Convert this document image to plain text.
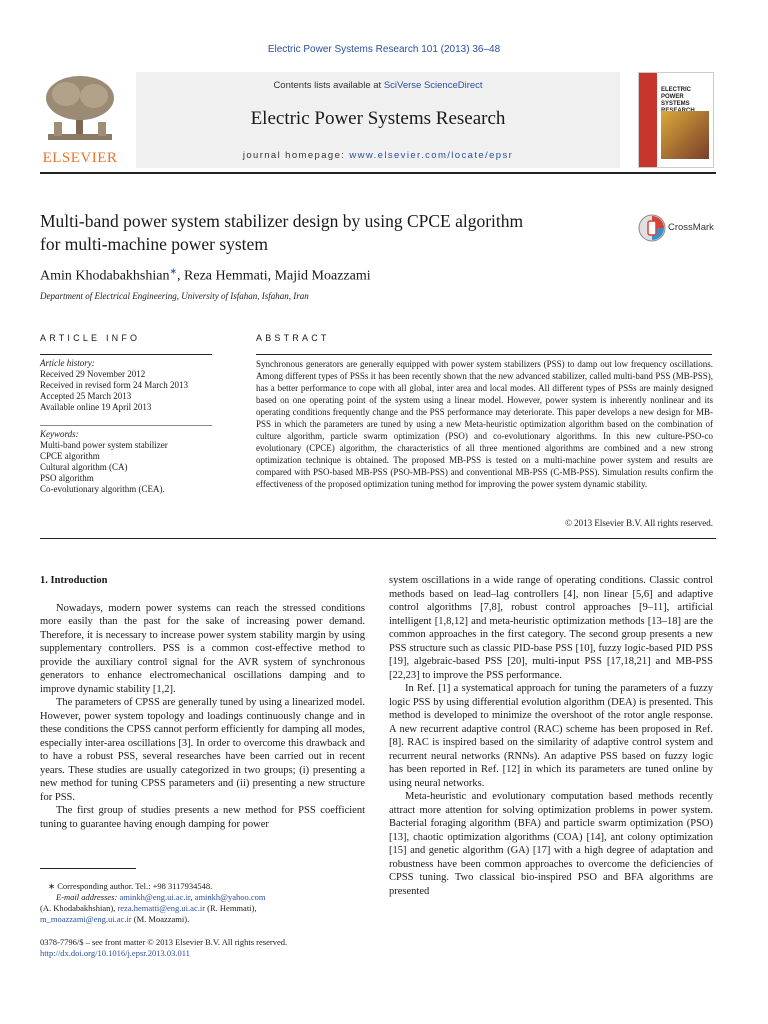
Electric Power Systems Research 101 (2013) 36–48
ELSEVIER
Contents lists available at SciVerse ScienceDirect
Electric Power Systems Research
journal homepage: www.elsevier.com/locate/epsr
ELECTRIC POWER SYSTEMS
Multi-band power system stabilizer design by using CPCE algorithm
for multi-machine power system
CrossMark
Amin Khodabakhshian∗, Reza Hemmati, Majid Moazzami
Department of Electrical Engineering, University of Isfahan, Isfahan, Iran
ARTICLE INFO	ABSTRACT
Article history:
Received 29 November 2012
Received in revised form 24 March 2013
Accepted 25 March 2013
Available online 19 April 2013
Keywords:
Multi-band power system stabilizer
CPCE algorithm
Cultural algorithm (CA)
PSO algorithm
Co-evolutionary algorithm (CEA).
Synchronous generators are generally equipped with power system stabilizers (PSS) to damp out low frequency oscillations. Among different types of PSSs it has been recently shown that the new advanced stabilizer, called multi-band PSS (MB-PSS), has a better performance to cope with all global, inter area and local modes. All different types of PSSs are mainly designed based on one operating point of the system using a linear model. However, power system is inherently nonlinear and its operating conditions frequently change and the PSS performance may deteriorate. This paper develops a new design for MB-PSS in which the parameters are tuned by using a new Meta-heuristic optimization algorithm based on the combination of culture algorithm, particle swarm optimization (PSO) and co-evolutionary algorithms. In this new culture-PSO-co evolutionary (CPCE) algorithm, the characteristics of all three mentioned algorithms are combined and a new strong optimization technique is obtained. The proposed MB-PSS is tested on a multi-machine power system and results are compared with PSO-based MB-PSS (PSO-MB-PSS) and conventional MB-PSS (C-MB-PSS). Simulation results confirm the effectiveness of the proposed optimization tuning method for improving the power system dynamic stability.
© 2013 Elsevier B.V. All rights reserved.
1. Introduction

Nowadays, modern power systems can reach the stressed conditions more easily than the past for the sake of increasing power demand. Therefore, it is necessary to increase power system stability margin by using supplementary controllers. PSS is a common cost-effective method to provide the auxiliary control signal for the AVR system of synchronous generators to enhance electromechanical oscillations damping and to improve dynamic stability [1,2].

The parameters of CPSS are generally tuned by using a linearized model. However, power system topology and loadings continuously change and in these conditions the CPSS cannot perform efficiently for damping all modes, especially inter-area oscillations [3]. In order to overcome this drawback and to have a robust PSS, several researches have been carried out in recent years. These studies are usually categorized in two groups; (i) presenting a new method for tuning CPSS parameters and (ii) presenting a new structure for PSS.

The first group of studies presents a new method for PSS coefficient tuning to guarantee having enough damping for power

system oscillations in a wide range of operating conditions. Classic control methods based on lead–lag controllers [4], non linear [5,6] and adaptive control algorithms [7,8], robust control approaches [9–11], artificial intelligent [1,8,12] and meta-heuristic optimization methods [13–18] are the common approaches in the first category. The second group presents a new PSS structure such as classic PID-base PSS [10], fuzzy logic-based PID PSS [19], algebraic-based PSS [20], multi-input PSS [17,18,21] and MB-PSS [22,23] to improve the PSS performance.

In Ref. [1] a systematical approach for tuning the parameters of a fuzzy logic PSS by using differential evolution algorithm (DEA) is presented. This method is developed to minimize the overshoot of the rotor angle response. A new recurrent adaptive control (RAC) scheme has been proposed in Ref. [8]. RAC is inspired based on the similarity of adaptive control system and recurrent neural networks (RNNs). An adaptive PSS based on fuzzy logic has been reported in Ref. [12] in which its parameters are tuned online by using neural networks.

Meta-heuristic and evolutionary computation based methods recently attract more attention for solving optimization problems in power system. Bacterial foraging algorithm (BFA) and particle swarm optimization (PSO) [13], chaotic optimization algorithms (COA) [14], ant colony optimization [15] and genetic algorithm (GA) [17] with a high degree of adaptation and robustness have been common approaches to overcome the deficiencies of CPSS tuning. Two classical bio-inspired PSO and BFA algorithms are presented

∗ Corresponding author. Tel.: +98 3117934548.
E-mail addresses: aminkh@eng.ui.ac.ir, aminkh@yahoo.com
(A. Khodabakhshian), reza.hematti@eng.ui.ac.ir (R. Hemmati),
m_moazzami@eng.ui.ac.ir (M. Moazzami).
0378-7796/$ – see front matter © 2013 Elsevier B.V. All rights reserved.
http://dx.doi.org/10.1016/j.epsr.2013.03.011
